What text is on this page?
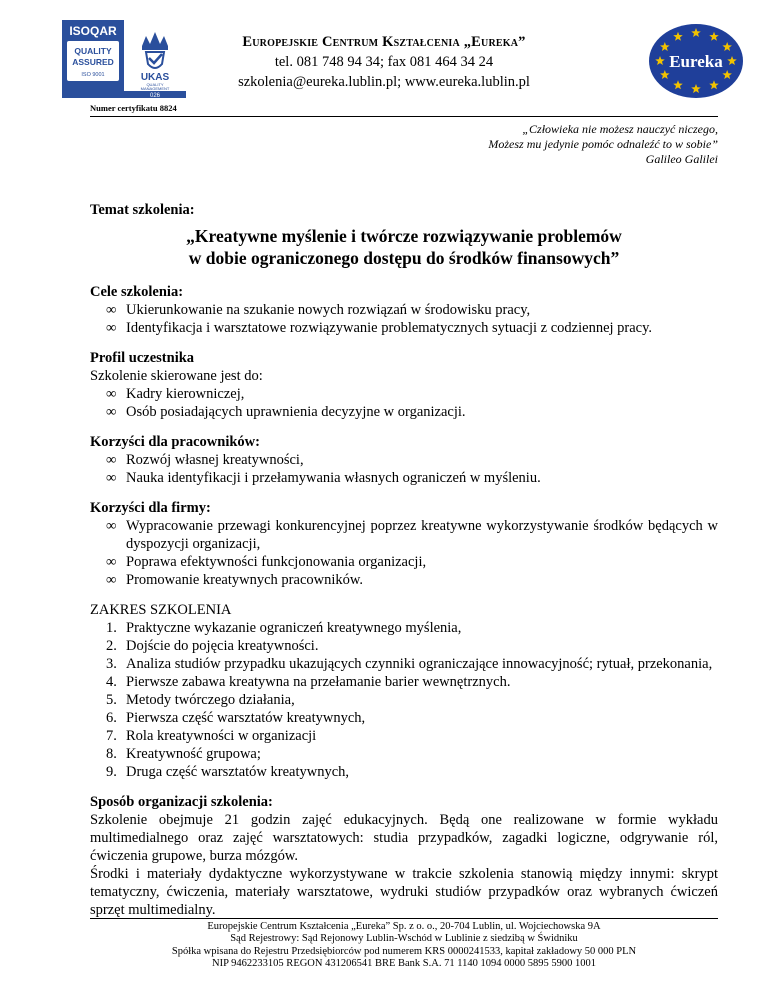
ISOQAR
QUALITY
ASSURED
ISO 9001	UKAS
QUALITY
MANAGEMENT
026
Europejskie Centrum Kształcenia „Eureka”
tel. 081 748 94 34; fax 081 464 34 24
szkolenia@eureka.lublin.pl; www.eureka.lublin.pl
Eureka
Numer certyfikatu 8824
„Człowieka nie możesz nauczyć niczego,
Możesz mu jedynie pomóc odnaleźć to w sobie”
Galileo Galilei
Temat szkolenia:
„Kreatywne myślenie i twórcze rozwiązywanie problemów
w dobie ograniczonego dostępu do środków finansowych”
Cele szkolenia:
∞ Ukierunkowanie na szukanie nowych rozwiązań w środowisku pracy,
∞ Identyfikacja i warsztatowe rozwiązywanie problematycznych sytuacji z codziennej pracy.
Profil uczestnika
Szkolenie skierowane jest do:
∞ Kadry kierowniczej,
∞ Osób posiadających uprawnienia decyzyjne w organizacji.
Korzyści dla pracowników:
∞ Rozwój własnej kreatywności,
∞ Nauka identyfikacji i przełamywania własnych ograniczeń w myśleniu.
Korzyści dla firmy:
∞ Wypracowanie przewagi konkurencyjnej poprzez kreatywne wykorzystywanie środków będących w dyspozycji organizacji,
∞ Poprawa efektywności funkcjonowania organizacji,
∞ Promowanie kreatywnych pracowników.
ZAKRES SZKOLENIA
1. Praktyczne wykazanie ograniczeń kreatywnego myślenia,
2. Dojście do pojęcia kreatywności.
3. Analiza studiów przypadku ukazujących czynniki ograniczające innowacyjność; rytuał, przekonania,
4. Pierwsze zabawa kreatywna na przełamanie barier wewnętrznych.
5. Metody twórczego działania,
6. Pierwsza część warsztatów kreatywnych,
7. Rola kreatywności w organizacji
8. Kreatywność grupowa;
9. Druga część warsztatów kreatywnych,
Sposób organizacji szkolenia:
Szkolenie obejmuje 21 godzin zajęć edukacyjnych. Będą one realizowane w formie wykładu multimedialnego oraz zajęć warsztatowych: studia przypadków, zagadki logiczne, odgrywanie ról, ćwiczenia grupowe, burza mózgów.
Środki i materiały dydaktyczne wykorzystywane w trakcie szkolenia stanowią między innymi: skrypt tematyczny, ćwiczenia, materiały warsztatowe, wydruki studiów przypadków oraz wybranych ćwiczeń sprzęt multimedialny.
Europejskie Centrum Kształcenia „Eureka” Sp. z o. o., 20-704 Lublin, ul. Wojciechowska 9A
Sąd Rejestrowy: Sąd Rejonowy Lublin-Wschód w Lublinie z siedzibą w Świdniku
Spółka wpisana do Rejestru Przedsiębiorców pod numerem KRS 0000241533, kapitał zakładowy 50 000 PLN
NIP 9462233105 REGON 431206541 BRE Bank S.A. 71 1140 1094 0000 5895 5900 1001
